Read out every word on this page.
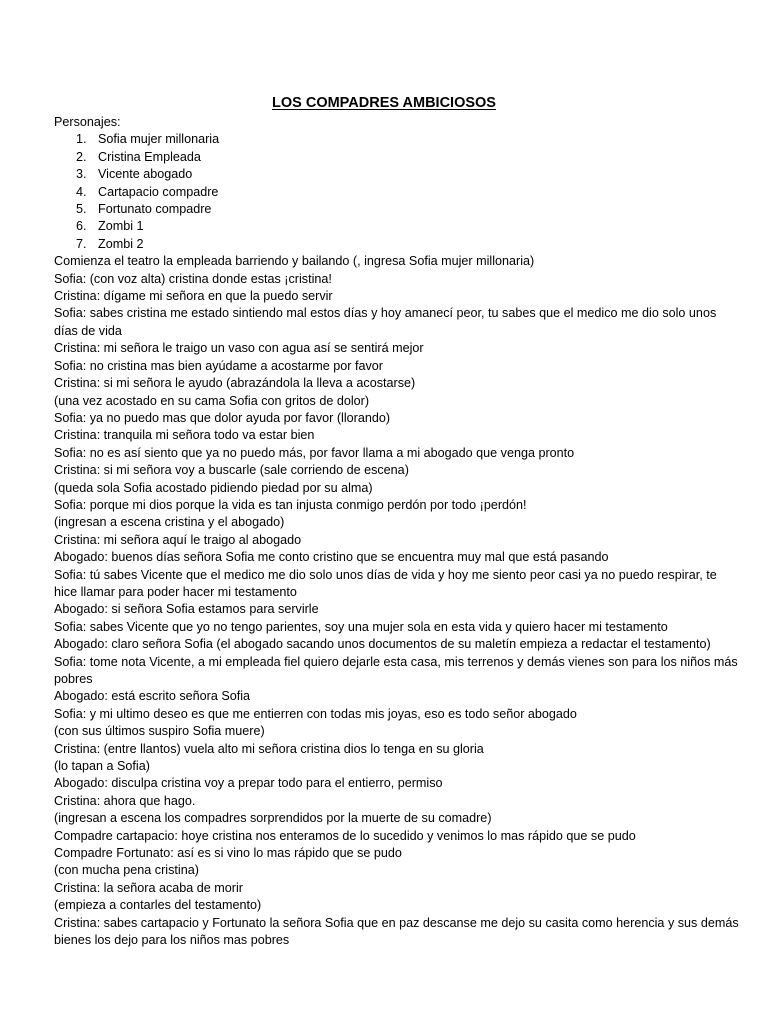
LOS COMPADRES AMBICIOSOS
Personajes:
1. Sofia mujer millonaria
2. Cristina Empleada
3. Vicente abogado
4. Cartapacio compadre
5. Fortunato compadre
6. Zombi 1
7. Zombi 2
Comienza el teatro la empleada barriendo y bailando (, ingresa Sofia mujer millonaria)
Sofia: (con voz alta) cristina donde estas ¡cristina!
Cristina: dígame mi señora en que la puedo servir
Sofia: sabes cristina me estado sintiendo mal estos días y hoy amanecí peor, tu sabes que el medico me dio solo unos días de vida
Cristina: mi señora le traigo un vaso con agua así se sentirá mejor
Sofia: no cristina mas bien ayúdame a acostarme por favor
Cristina: si mi señora le ayudo (abrazándola la lleva a acostarse)
(una vez acostado en su cama Sofia con gritos de dolor)
Sofia: ya no puedo mas que dolor ayuda por favor (llorando)
Cristina: tranquila mi señora todo va estar bien
Sofia: no es así siento que ya no puedo más, por favor llama a mi abogado que venga pronto
Cristina: si mi señora voy a buscarle (sale corriendo de escena)
(queda sola Sofia acostado pidiendo piedad por su alma)
Sofia: porque mi dios porque la vida es tan injusta conmigo perdón por todo ¡perdón!
(ingresan a escena cristina y el abogado)
Cristina: mi señora aquí le traigo al abogado
Abogado: buenos días señora Sofia me conto cristino que se encuentra muy mal que está pasando
Sofia: tú sabes Vicente que el medico me dio solo unos días de vida y hoy me siento peor casi ya no puedo respirar, te hice llamar para poder hacer mi testamento
Abogado: si señora Sofia estamos para servirle
Sofia: sabes Vicente que yo no tengo parientes, soy una mujer sola en esta vida y quiero hacer mi testamento
Abogado: claro señora Sofia (el abogado sacando unos documentos de su maletín empieza a redactar el testamento)
Sofia: tome nota Vicente, a mi empleada fiel quiero dejarle esta casa, mis terrenos y demás vienes son para los niños más pobres
Abogado: está escrito señora Sofia
Sofia: y mi ultimo deseo es que me entierren con todas mis joyas, eso es todo señor abogado
(con sus últimos suspiro Sofia muere)
Cristina: (entre llantos) vuela alto mi señora cristina dios lo tenga en su gloria
(lo tapan a Sofia)
Abogado: disculpa cristina voy a prepar todo para el entierro, permiso
Cristina: ahora que hago.
(ingresan a escena los compadres sorprendidos por la muerte de su comadre)
Compadre cartapacio: hoye cristina nos enteramos de lo sucedido y venimos lo mas rápido que se pudo
Compadre Fortunato: así es si vino lo mas rápido que se pudo
(con mucha pena cristina)
Cristina: la señora acaba de morir
(empieza a contarles del testamento)
Cristina: sabes cartapacio y Fortunato la señora Sofia que en paz descanse me dejo su casita como herencia y sus demás bienes los dejo para los niños mas pobres
